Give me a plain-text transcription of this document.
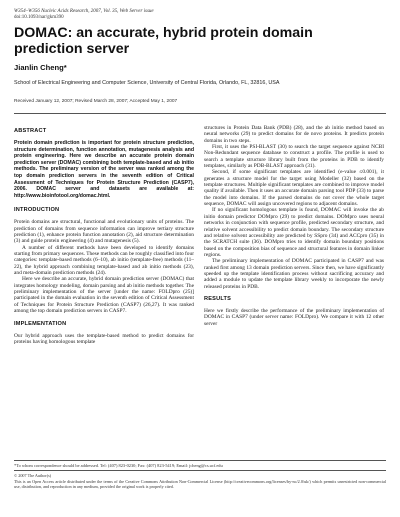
W354–W356 Nucleic Acids Research, 2007, Vol. 35, Web Server issue
doi:10.1093/nar/gkm390
DOMAC: an accurate, hybrid protein domain prediction server
Jianlin Cheng*
School of Electrical Engineering and Computer Science, University of Central Florida, Orlando, FL, 32816, USA
Received January 12, 2007; Revised March 28, 2007; Accepted May 1, 2007
ABSTRACT

Protein domain prediction is important for protein structure prediction, structure determination, function annotation, mutagenesis analysis and protein engineering. Here we describe an accurate protein domain prediction server (DOMAC) combining both template-based and ab initio methods. The preliminary version of the server was ranked among the top domain prediction servers in the seventh edition of Critical Assessment of Techniques for Protein Structure Prediction (CASP7), 2006. DOMAC server and datasets are available at: http://www.bioinfotool.org/domac.html.

INTRODUCTION

Protein domains are structural, functional and evolutionary units of proteins. The prediction of domains from sequence information can improve tertiary structure prediction (1), enhance protein function annotation (2), aid structure determination (3) and guide protein engineering (4) and mutagenesis (5).

A number of different methods have been developed to identify domains starting from primary sequences. These methods can be roughly classified into four categories: template-based methods (6–10), ab initio (template-free) methods (11–22), the hybrid approach combining template-based and ab initio methods (23), and meta-domain prediction methods (24).

Here we describe an accurate, hybrid domain prediction server (DOMAC) that integrates homology modeling, domain parsing and ab initio methods together. The preliminary implementation of the server [under the name: FOLDpro (25)] participated in the domain evaluation in the seventh edition of Critical Assessment of Techniques for Protein Structure Prediction (CASP7) (26,27). It was ranked among the top domain prediction servers in CASP7.

IMPLEMENTATION

Our hybrid approach uses the template-based method to predict domains for proteins having homologous template

structures in Protein Data Bank (PDB) (28), and the ab initio method based on neural networks (29) to predict domains for de novo proteins. It predicts protein domains in two steps.

First, it uses the PSI-BLAST (30) to search the target sequence against NCBI Non-Redundant sequence database to construct a profile. The profile is used to search a template structure library built from the proteins in PDB to identify templates, similarly as PDB-BLAST approach (31).

Second, if some significant templates are identified (e-value ≤0.001), it generates a structure model for the target using Modeller (32) based on the template structures. Multiple significant templates are combined to improve model quality if available. Then it uses an accurate domain parsing tool PDP (33) to parse the model into domains. If the parsed domains do not cover the whole target sequence, DOMAC will assign uncovered regions to adjacent domains.

If no significant homologous template is found, DOMAC will invoke the ab initio domain predictor DOMpro (29) to predict domains. DOMpro uses neural networks in conjunction with sequence profile, predicted secondary structure, and relative solvent accessibility to predict domain boundary. The secondary structure and relative solvent accessibility are predicted by SSpro (34) and ACCpro (35) in the SCRATCH suite (36). DOMpro tries to identify domain boundary positions based on the composition bias of sequence and structural features in domain linker regions.

The preliminary implementation of DOMAC participated in CASP7 and was ranked first among 13 domain prediction servers. Since then, we have significantly speeded up the template identification process without sacrificing accuracy and added a module to update the template library weekly to incorporate the newly released proteins in PDB.

RESULTS

Here we firstly describe the performance of the preliminary implementation of DOMAC in CASP7 (under server name: FOLDpro). We compare it with 12 other server

*To whom correspondence should be addressed. Tel: (407) 823-0230; Fax: (407) 823-5419; Email: jcheng@cs.ucf.edu
© 2007 The Author(s)
This is an Open Access article distributed under the terms of the Creative Commons Attribution Non-Commercial License (http://creativecommons.org/licenses/by-nc/2.0/uk/) which permits unrestricted non-commercial use, distribution, and reproduction in any medium, provided the original work is properly cited.
